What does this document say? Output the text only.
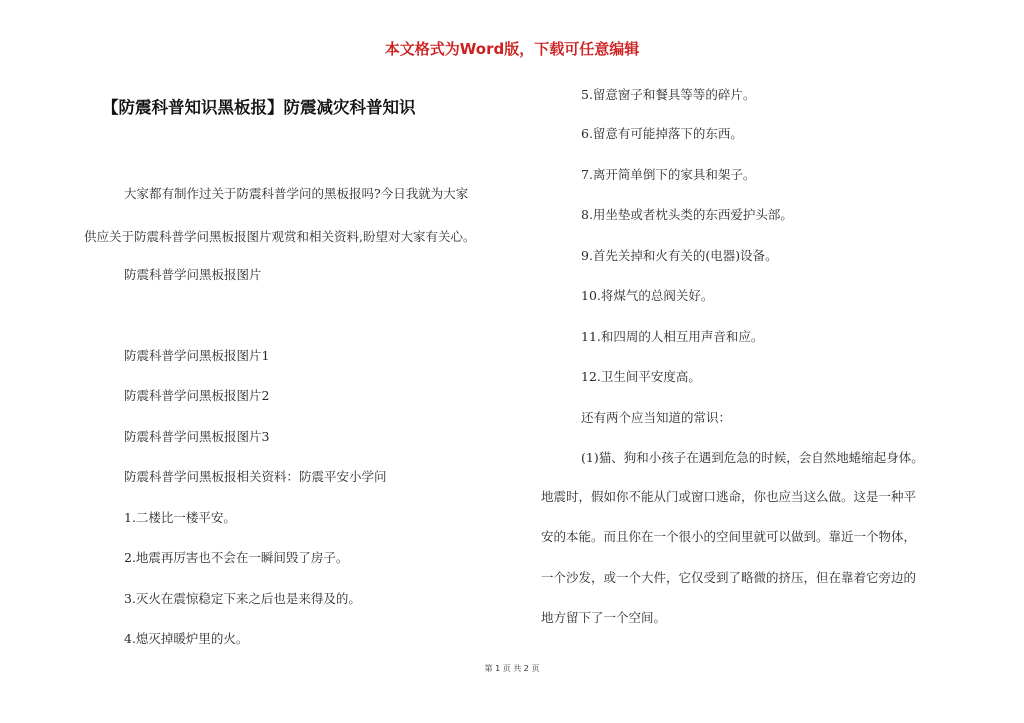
本文格式为Word版，下载可任意编辑
【防震科普知识黑板报】防震减灾科普知识
大家都有制作过关于防震科普学问的黑板报吗?今日我就为大家
供应关于防震科普学问黑板报图片观赏和相关资料,盼望对大家有关心。
防震科普学问黑板报图片
防震科普学问黑板报图片1
防震科普学问黑板报图片2
防震科普学问黑板报图片3
防震科普学问黑板报相关资料：防震平安小学问
1.二楼比一楼平安。
2.地震再厉害也不会在一瞬间毁了房子。
3.灭火在震惊稳定下来之后也是来得及的。
4.熄灭掉暖炉里的火。
5.留意窗子和餐具等等的碎片。
6.留意有可能掉落下的东西。
7.离开简单倒下的家具和架子。
8.用坐垫或者枕头类的东西爱护头部。
9.首先关掉和火有关的(电器)设备。
10.将煤气的总阀关好。
11.和四周的人相互用声音和应。
12.卫生间平安度高。
还有两个应当知道的常识：
(1)猫、狗和小孩子在遇到危急的时候，会自然地蜷缩起身体。
地震时，假如你不能从门或窗口逃命，你也应当这么做。这是一种平
安的本能。而且你在一个很小的空间里就可以做到。靠近一个物体，
一个沙发，或一个大件，它仅受到了略微的挤压，但在靠着它旁边的
地方留下了一个空间。
第 1 页 共 2 页
